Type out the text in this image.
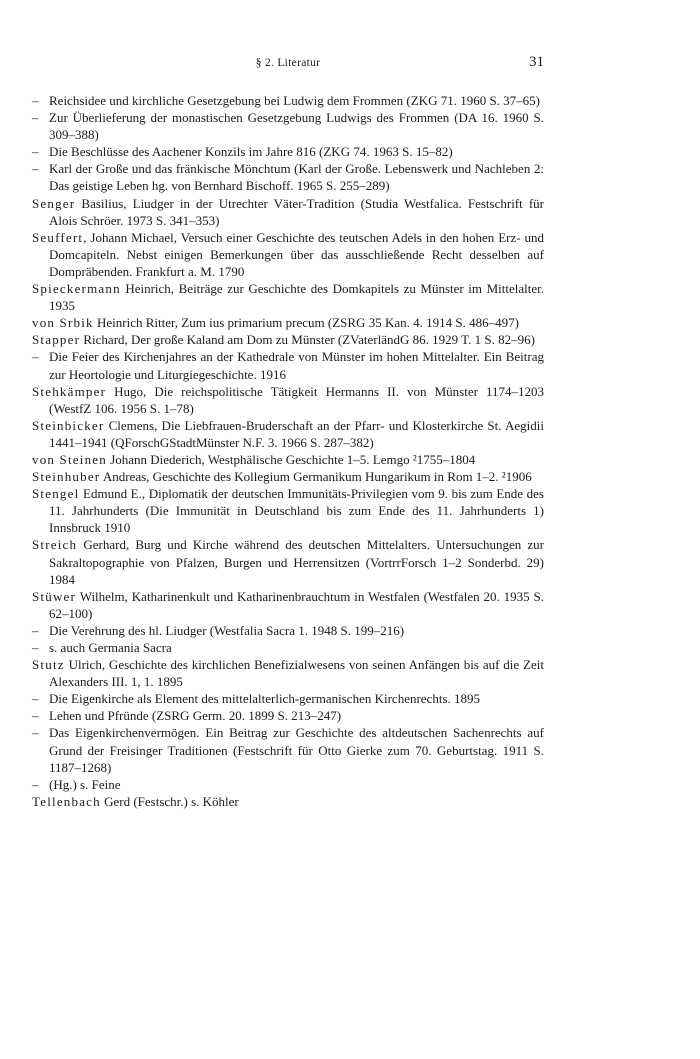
§ 2. Literatur	31

– Reichsidee und kirchliche Gesetzgebung bei Ludwig dem Frommen (ZKG 71. 1960 S. 37–65)

– Zur Überlieferung der monastischen Gesetzgebung Ludwigs des Frommen (DA 16. 1960 S. 309–388)

– Die Beschlüsse des Aachener Konzils im Jahre 816 (ZKG 74. 1963 S. 15–82)

– Karl der Große und das fränkische Mönchtum (Karl der Große. Lebenswerk und Nachleben 2: Das geistige Leben hg. von Bernhard Bischoff. 1965 S. 255–289)

Senger Basilius, Liudger in der Utrechter Väter-Tradition (Studia Westfalica. Festschrift für Alois Schröer. 1973 S. 341–353)

Seuffert, Johann Michael, Versuch einer Geschichte des teutschen Adels in den hohen Erz- und Domcapiteln. Nebst einigen Bemerkungen über das ausschließende Recht desselben auf Dompräbenden. Frankfurt a. M. 1790

Spieckermann Heinrich, Beiträge zur Geschichte des Domkapitels zu Münster im Mittelalter. 1935

von Srbik Heinrich Ritter, Zum ius primarium precum (ZSRG 35 Kan. 4. 1914 S. 486–497)

Stapper Richard, Der große Kaland am Dom zu Münster (ZVaterländG 86. 1929 T. 1 S. 82–96)

– Die Feier des Kirchenjahres an der Kathedrale von Münster im hohen Mittelalter. Ein Beitrag zur Heortologie und Liturgiegeschichte. 1916

Stehkämper Hugo, Die reichspolitische Tätigkeit Hermanns II. von Münster 1174–1203 (WestfZ 106. 1956 S. 1–78)

Steinbicker Clemens, Die Liebfrauen-Bruderschaft an der Pfarr- und Klosterkirche St. Aegidii 1441–1941 (QForschGStadtMünster N.F. 3. 1966 S. 287–382)

von Steinen Johann Diederich, Westphälische Geschichte 1–5. Lemgo ²1755–1804

Steinhuber Andreas, Geschichte des Kollegium Germanikum Hungarikum in Rom 1–2. ²1906

Stengel Edmund E., Diplomatik der deutschen Immunitäts-Privilegien vom 9. bis zum Ende des 11. Jahrhunderts (Die Immunität in Deutschland bis zum Ende des 11. Jahrhunderts 1) Innsbruck 1910

Streich Gerhard, Burg und Kirche während des deutschen Mittelalters. Untersuchungen zur Sakraltopographie von Pfalzen, Burgen und Herrensitzen (VortrrForsch 1–2 Sonderbd. 29) 1984

Stüwer Wilhelm, Katharinenkult und Katharinenbrauchtum in Westfalen (Westfalen 20. 1935 S. 62–100)

– Die Verehrung des hl. Liudger (Westfalia Sacra 1. 1948 S. 199–216)

– s. auch Germania Sacra

Stutz Ulrich, Geschichte des kirchlichen Benefizialwesens von seinen Anfängen bis auf die Zeit Alexanders III. 1, 1. 1895

– Die Eigenkirche als Element des mittelalterlich-germanischen Kirchenrechts. 1895

– Lehen und Pfründe (ZSRG Germ. 20. 1899 S. 213–247)

– Das Eigenkirchenvermögen. Ein Beitrag zur Geschichte des altdeutschen Sachenrechts auf Grund der Freisinger Traditionen (Festschrift für Otto Gierke zum 70. Geburtstag. 1911 S. 1187–1268)

– (Hg.) s. Feine

Tellenbach Gerd (Festschr.) s. Köhler
